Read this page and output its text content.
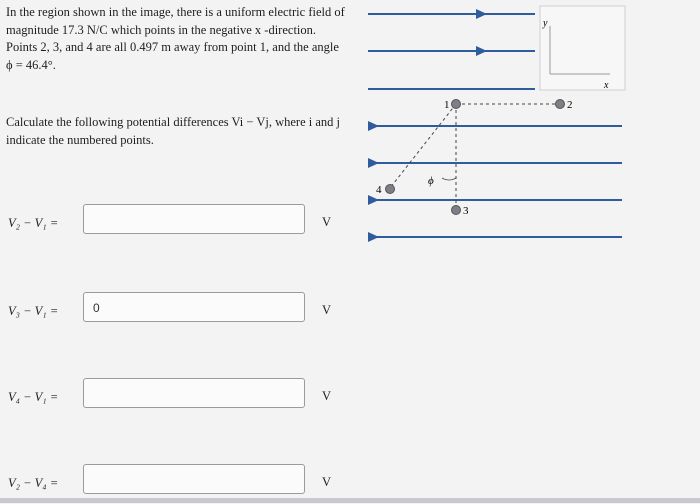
In the region shown in the image, there is a uniform electric field of magnitude 17.3 N/C which points in the negative x -direction. Points 2, 3, and 4 are all 0.497 m away from point 1, and the angle ϕ = 46.4°.

Calculate the following potential differences Vi − Vj, where i and j indicate the numbered points.
V₂ − V₁ =	V
V₃ − V₁ =	0	V
V₄ − V₁ =	V
V₂ − V₄ =	V
y
x
ϕ
1	2
3
4
